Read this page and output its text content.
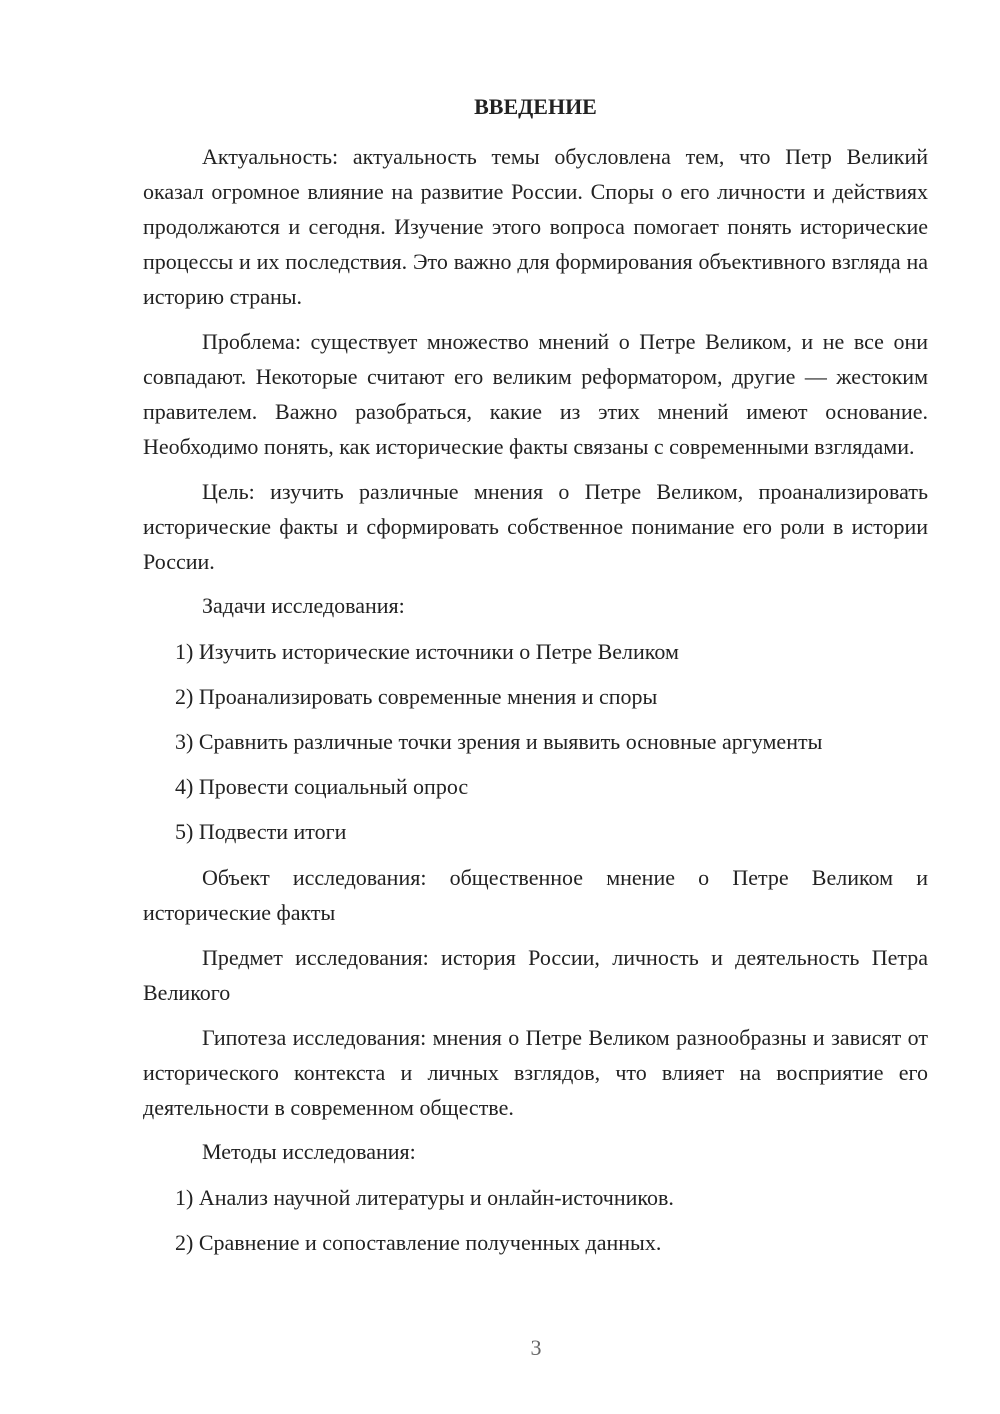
ВВЕДЕНИЕ

Актуальность: актуальность темы обусловлена тем, что Петр Великий оказал огромное влияние на развитие России. Споры о его личности и действиях продолжаются и сегодня. Изучение этого вопроса помогает понять исторические процессы и их последствия. Это важно для формирования объективного взгляда на историю страны.

Проблема: существует множество мнений о Петре Великом, и не все они совпадают. Некоторые считают его великим реформатором, другие — жестоким правителем. Важно разобраться, какие из этих мнений имеют основание. Необходимо понять, как исторические факты связаны с современными взглядами.

Цель: изучить различные мнения о Петре Великом, проанализировать исторические факты и сформировать собственное понимание его роли в истории России.

Задачи исследования:
1) Изучить исторические источники о Петре Великом
2) Проанализировать современные мнения и споры
3) Сравнить различные точки зрения и выявить основные аргументы
4) Провести социальный опрос
5) Подвести итоги

Объект исследования: общественное мнение о Петре Великом и исторические факты

Предмет исследования: история России, личность и деятельность Петра Великого

Гипотеза исследования: мнения о Петре Великом разнообразны и зависят от исторического контекста и личных взглядов, что влияет на восприятие его деятельности в современном обществе.

Методы исследования:
1) Анализ научной литературы и онлайн-источников.
2) Сравнение и сопоставление полученных данных.
3
